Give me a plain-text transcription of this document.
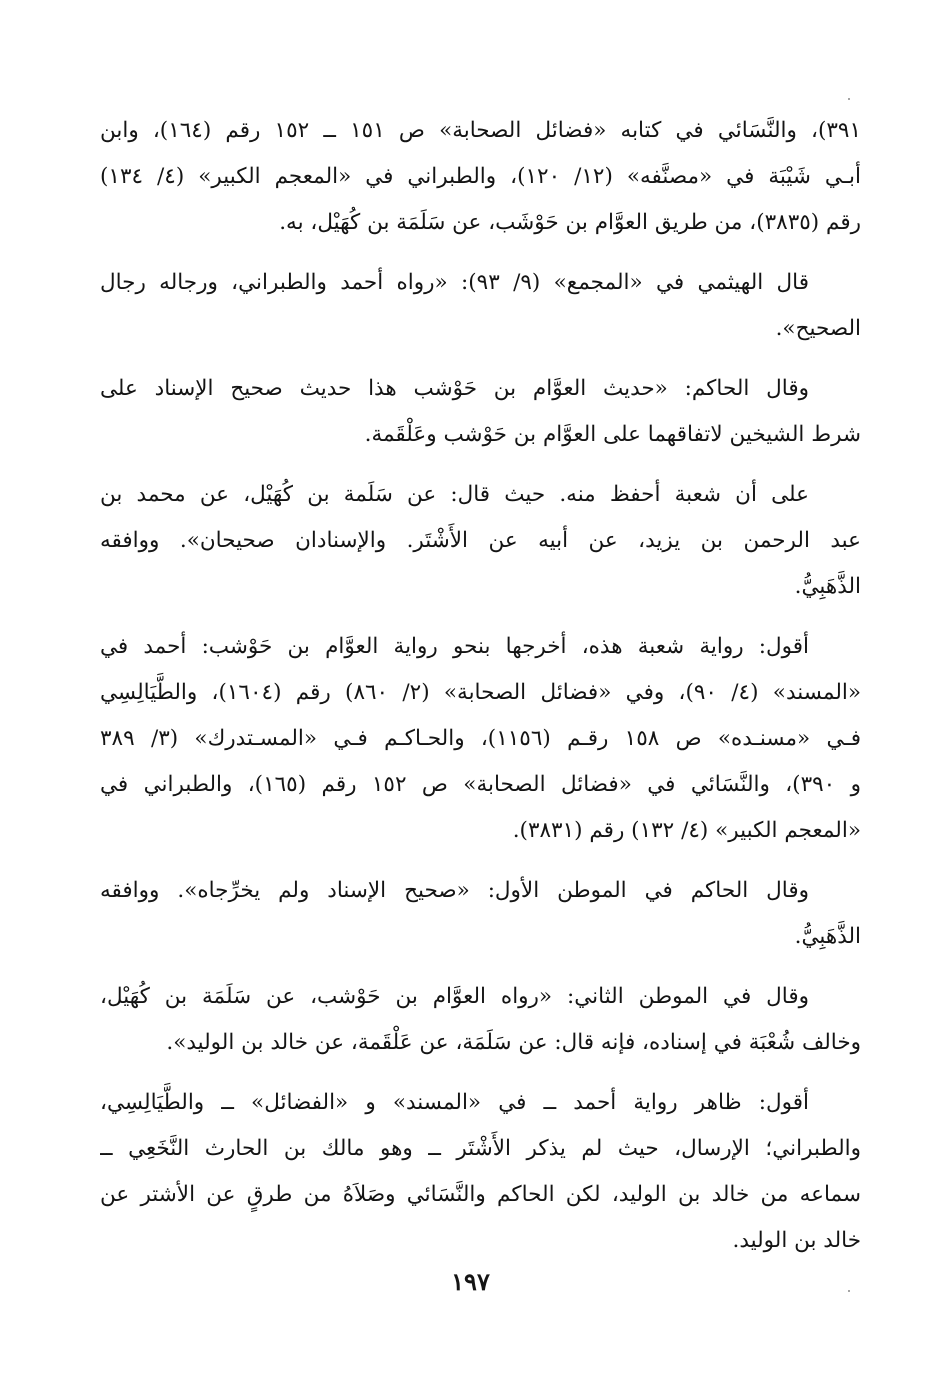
٣٩١)، والنَّسَائي في كتابه «فضائل الصحابة» ص ١٥١ ــ ١٥٢ رقم (١٦٤)، وابن
أبـي شَيْبَة في «مصنَّفه» (١٢/ ١٢٠)، والطبراني في «المعجم الكبير» (٤/ ١٣٤)
رقم (٣٨٣٥)، من طريق العوَّام بن حَوْشَب، عن سَلَمَة بن كُهَيْل، به.
قال الهيثمي في «المجمع» (٩/ ٩٣): «رواه أحمد والطبراني، ورجاله رجال
الصحيح».
وقال الحاكم: «حديث العوَّام بن حَوْشب هذا حديث صحيح الإسناد على
شرط الشيخين لاتفاقهما على العوَّام بن حَوْشب وعَلْقَمة.
على أن شعبة أحفظ منه. حيث قال: عن سَلَمة بن كُهَيْل، عن محمد بن
عبد الرحمن بن يزيد، عن أبيه عن الأَشْتَر. والإسنادان صحيحان». ووافقه
الذَّهَبِيُّ.
أقول: رواية شعبة هذه، أخرجها بنحو رواية العوَّام بن حَوْشب: أحمد في
«المسند» (٤/ ٩٠)، وفي «فضائل الصحابة» (٢/ ٨٦٠) رقم (١٦٠٤)، والطَّيَالِسِي
فـي «مسنـده» ص ١٥٨ رقـم (١١٥٦)، والحـاكـم فـي «المسـتدرك» (٣/ ٣٨٩
و ٣٩٠)، والنَّسَائي في «فضائل الصحابة» ص ١٥٢ رقم (١٦٥)، والطبراني في
«المعجم الكبير» (٤/ ١٣٢) رقم (٣٨٣١).
وقال الحاكم في الموطن الأول: «صحيح الإسناد ولم يخرِّجاه». ووافقه
الذَّهَبِيُّ.
وقال في الموطن الثاني: «رواه العوَّام بن حَوْشب، عن سَلَمَة بن كُهَيْل،
وخالف شُعْبَة في إسناده، فإنه قال: عن سَلَمَة، عن عَلْقَمة، عن خالد بن الوليد».
أقول: ظاهر رواية أحمد ــ في «المسند» و «الفضائل» ــ والطَّيَالِسِي،
والطبراني؛ الإرسال، حيث لم يذكر الأَشْتَر ــ وهو مالك بن الحارث النَّخَعِي ــ
سماعه من خالد بن الوليد، لكن الحاكم والنَّسَائي وصَلاَهُ من طرقٍ عن الأشتر عن
خالد بن الوليد.
١٩٧
